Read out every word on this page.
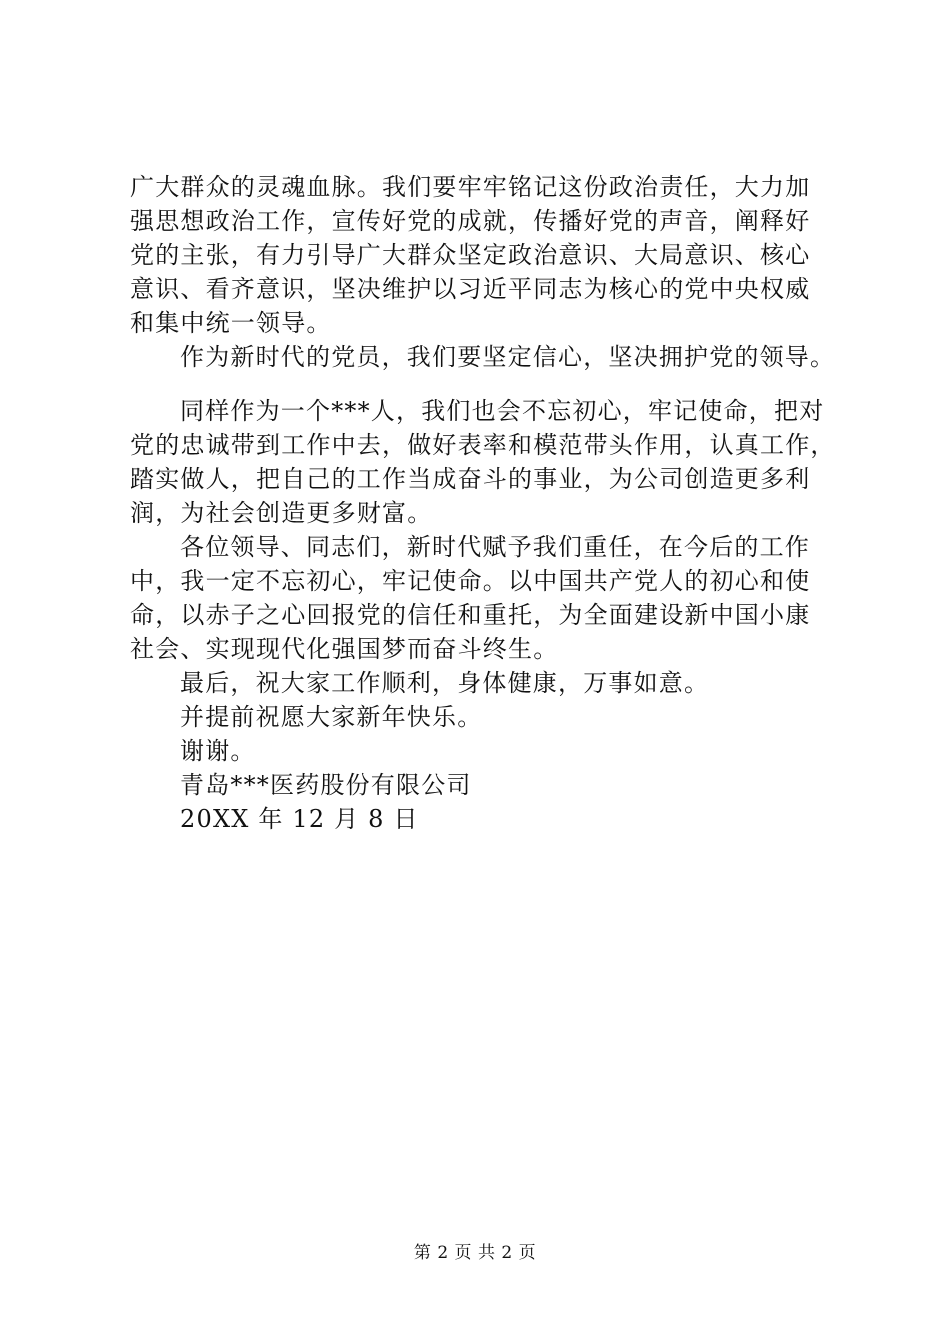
广大群众的灵魂血脉。我们要牢牢铭记这份政治责任，大力加
强思想政治工作，宣传好党的成就，传播好党的声音，阐释好
党的主张，有力引导广大群众坚定政治意识、大局意识、核心
意识、看齐意识，坚决维护以习近平同志为核心的党中央权威
和集中统一领导。
作为新时代的党员，我们要坚定信心，坚决拥护党的领导。
同样作为一个***人，我们也会不忘初心，牢记使命，把对
党的忠诚带到工作中去，做好表率和模范带头作用，认真工作，
踏实做人，把自己的工作当成奋斗的事业，为公司创造更多利
润，为社会创造更多财富。
各位领导、同志们，新时代赋予我们重任，在今后的工作
中，我一定不忘初心，牢记使命。以中国共产党人的初心和使
命，以赤子之心回报党的信任和重托，为全面建设新中国小康
社会、实现现代化强国梦而奋斗终生。
最后，祝大家工作顺利，身体健康，万事如意。
并提前祝愿大家新年快乐。
谢谢。
青岛***医药股份有限公司
20XX 年 12 月 8 日
第 2 页 共 2 页
